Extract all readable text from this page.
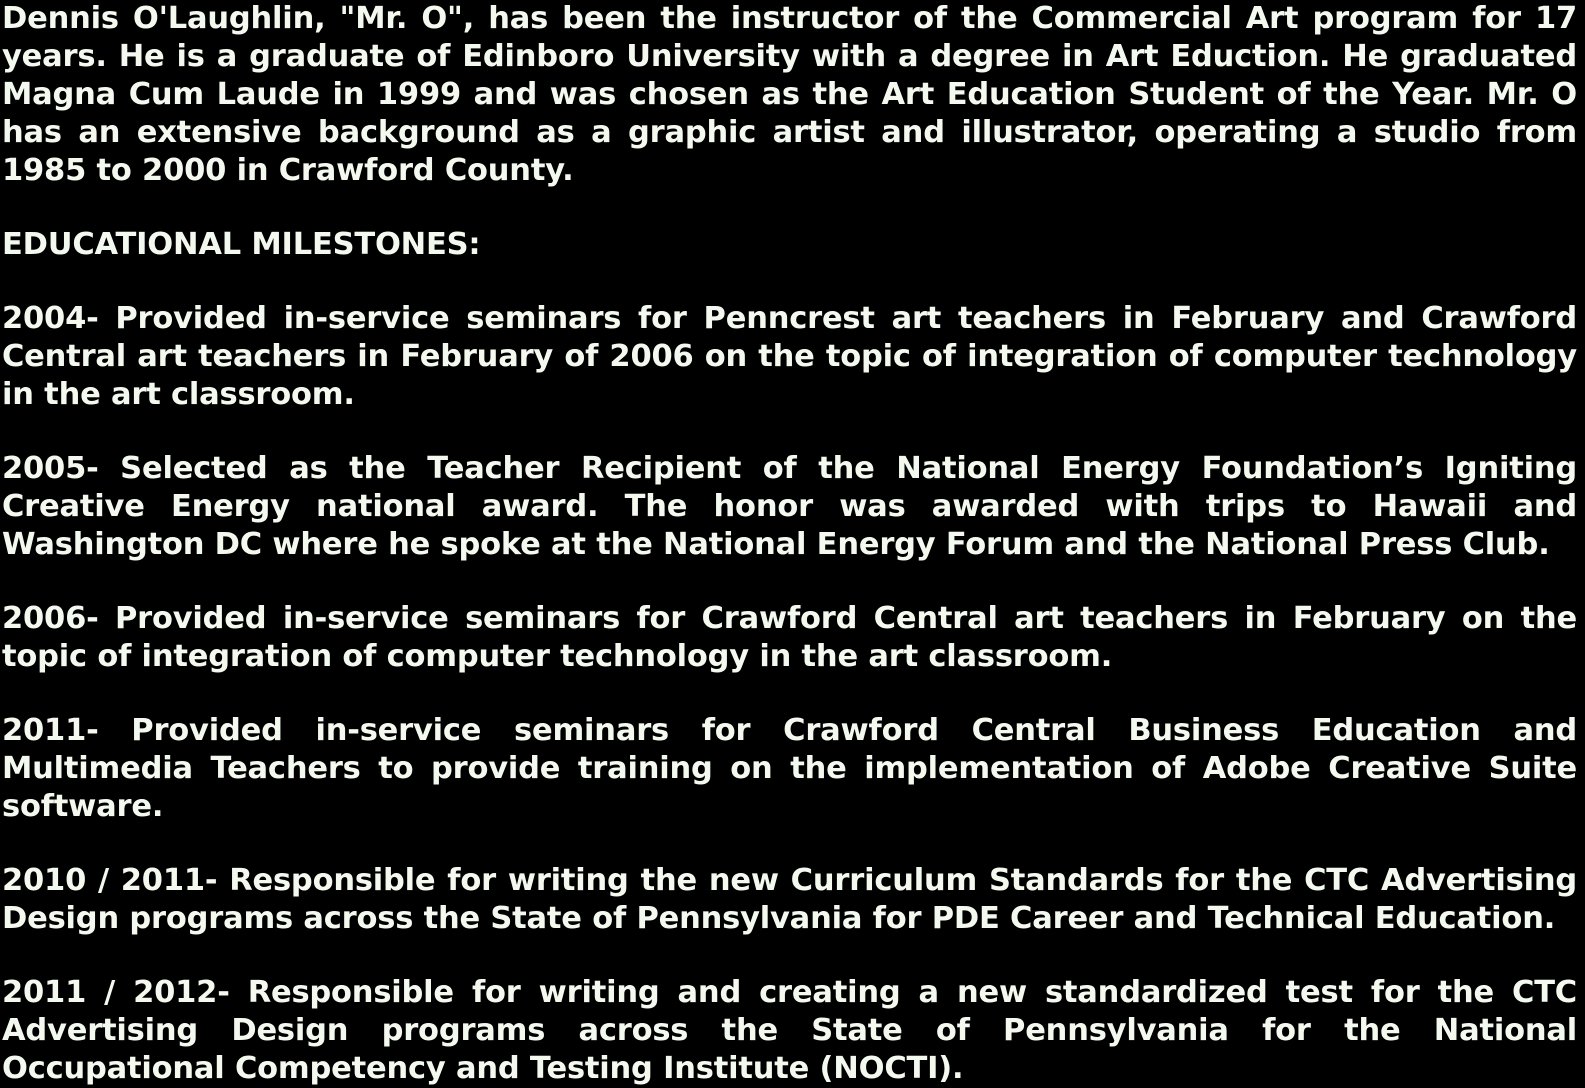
Dennis O'Laughlin, "Mr. O", has been the instructor of the Commercial Art program for 17 years. He is a graduate of Edinboro University with a degree in Art Eduction. He graduated Magna Cum Laude in 1999 and was chosen as the Art Education Student of the Year. Mr. O has an extensive background as a graphic artist and illustrator, operating a studio from 1985 to 2000 in Crawford County.

EDUCATIONAL MILESTONES:

2004- Provided in-service seminars for Penncrest art teachers in February and Crawford Central art teachers in February of 2006 on the topic of integration of computer technology in the art classroom.

2005- Selected as the Teacher Recipient of the National Energy Foundation’s Igniting Creative Energy national award. The honor was awarded with trips to Hawaii and Washington DC where he spoke at the National Energy Forum and the National Press Club.

2006- Provided in-service seminars for Crawford Central art teachers in February on the topic of integration of computer technology in the art classroom.

2011- Provided in-service seminars for Crawford Central Business Education and Multimedia Teachers to provide training on the implementation of Adobe Creative Suite software.

2010 / 2011- Responsible for writing the new Curriculum Standards for the CTC Advertising Design programs across the State of Pennsylvania for PDE Career and Technical Education.

2011 / 2012- Responsible for writing and creating a new standardized test for the CTC Advertising Design programs across the State of Pennsylvania for the National Occupational Competency and Testing Institute (NOCTI).
